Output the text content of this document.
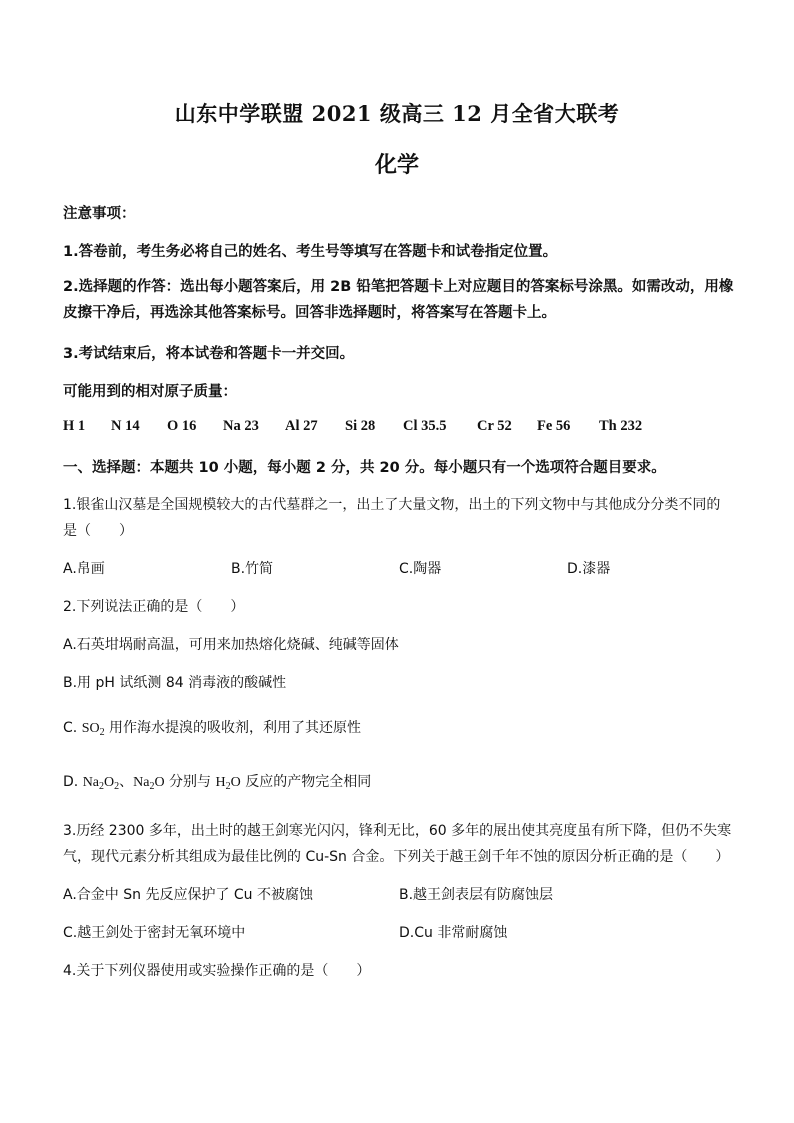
山东中学联盟 2021 级高三 12 月全省大联考
化学
注意事项：
1.答卷前，考生务必将自己的姓名、考生号等填写在答题卡和试卷指定位置。
2.选择题的作答：选出每小题答案后，用 2B 铅笔把答题卡上对应题目的答案标号涂黑。如需改动，用橡皮擦干净后，再选涂其他答案标号。回答非选择题时，将答案写在答题卡上。
3.考试结束后，将本试卷和答题卡一并交回。
可能用到的相对原子质量：
H 1	N 14	O 16	Na 23	Al 27	Si 28	Cl 35.5	Cr 52	Fe 56	Th 232
一、选择题：本题共 10 小题，每小题 2 分，共 20 分。每小题只有一个选项符合题目要求。
1.银雀山汉墓是全国规模较大的古代墓群之一，出土了大量文物，出土的下列文物中与其他成分分类不同的
是（　　）
A.帛画	B.竹简	C.陶器	D.漆器
2.下列说法正确的是（　　）
A.石英坩埚耐高温，可用来加热熔化烧碱、纯碱等固体
B.用 pH 试纸测 84 消毒液的酸碱性
C. $SO_2$ 用作海水提溴的吸收剂，利用了其还原性
D. $Na_2O_2$、$Na_2O$ 分别与 $H_2O$ 反应的产物完全相同
3.历经 2300 多年，出土时的越王剑寒光闪闪，锋利无比，60 多年的展出使其亮度虽有所下降，但仍不失寒
气，现代元素分析其组成为最佳比例的 Cu-Sn 合金。下列关于越王剑千年不蚀的原因分析正确的是（　　）
A.合金中 Sn 先反应保护了 Cu 不被腐蚀	B.越王剑表层有防腐蚀层
C.越王剑处于密封无氧环境中	D.Cu 非常耐腐蚀
4.关于下列仪器使用或实验操作正确的是（　　）
